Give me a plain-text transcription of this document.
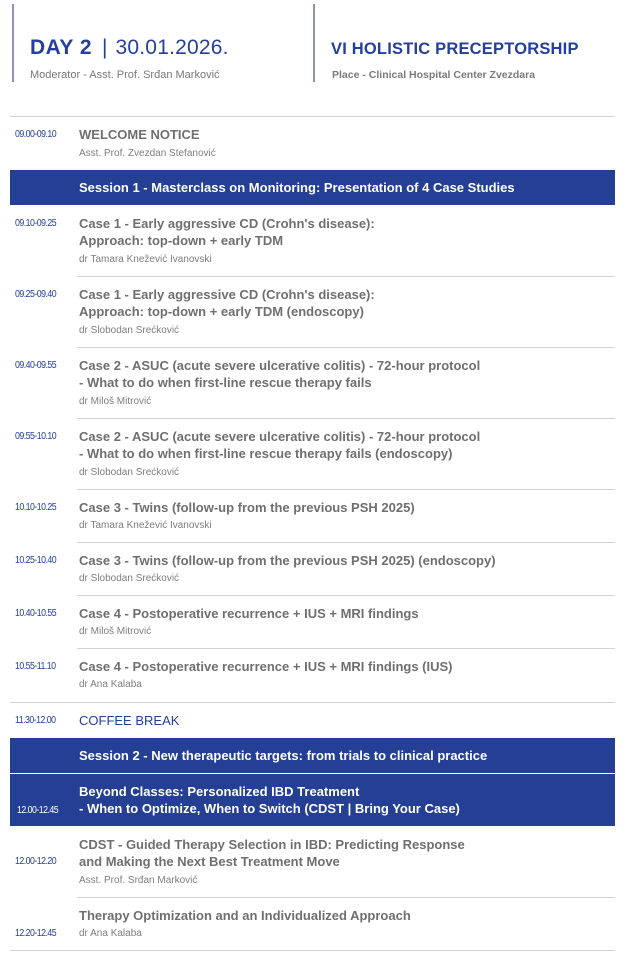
DAY 2 | 30.01.2026.
Moderator - Asst. Prof. Srđan Marković
VI HOLISTIC PRECEPTORSHIP
Place - Clinical Hospital Center Zvezdara
09.00-09.10 WELCOME NOTICE
Asst. Prof. Zvezdan Stefanović
Session 1 - Masterclass on Monitoring: Presentation of 4 Case Studies
09.10-09.25 Case 1 - Early aggressive CD (Crohn's disease):
Approach: top-down + early TDM
dr Tamara Knežević Ivanovski
09.25-09.40 Case 1 - Early aggressive CD (Crohn's disease):
Approach: top-down + early TDM (endoscopy)
dr Slobodan Srećković
09.40-09.55 Case 2 - ASUC (acute severe ulcerative colitis) - 72-hour protocol
- What to do when first-line rescue therapy fails
dr Miloš Mitrović
09.55-10.10 Case 2 - ASUC (acute severe ulcerative colitis) - 72-hour protocol
- What to do when first-line rescue therapy fails (endoscopy)
dr Slobodan Srećković
10.10-10.25 Case 3 - Twins (follow-up from the previous PSH 2025)
dr Tamara Knežević Ivanovski
10.25-10.40 Case 3 - Twins (follow-up from the previous PSH 2025) (endoscopy)
dr Slobodan Srećković
10.40-10.55 Case 4 - Postoperative recurrence + IUS + MRI findings
dr Miloš Mitrović
10.55-11.10 Case 4 - Postoperative recurrence + IUS + MRI findings (IUS)
dr Ana Kalaba
11.30-12.00 COFFEE BREAK
Session 2 - New therapeutic targets: from trials to clinical practice
12.00-12.45
Beyond Classes: Personalized IBD Treatment
- When to Optimize, When to Switch (CDST | Bring Your Case)
12.00-12.20
CDST - Guided Therapy Selection in IBD: Predicting Response
and Making the Next Best Treatment Move
Asst. Prof. Srđan Marković
12.20-12.45
Therapy Optimization and an Individualized Approach
dr Ana Kalaba
